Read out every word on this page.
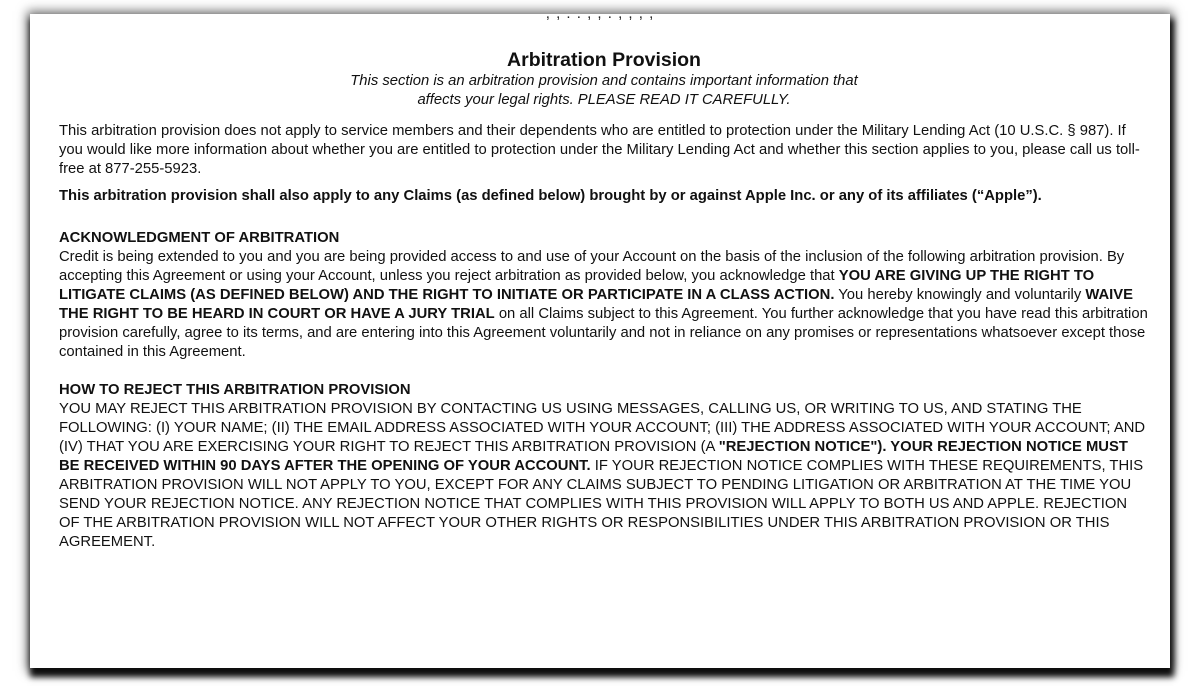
, , . . , , . , , , ,
Arbitration Provision
This section is an arbitration provision and contains important information that
affects your legal rights. PLEASE READ IT CAREFULLY.

This arbitration provision does not apply to service members and their dependents who are entitled to protection under the Military Lending Act (10 U.S.C. § 987). If you would like more information about whether you are entitled to protection under the Military Lending Act and whether this section applies to you, please call us toll-free at 877-255-5923.

This arbitration provision shall also apply to any Claims (as defined below) brought by or against Apple Inc. or any of its affiliates (“Apple”).

ACKNOWLEDGMENT OF ARBITRATION

Credit is being extended to you and you are being provided access to and use of your Account on the basis of the inclusion of the following arbitration provision. By accepting this Agreement or using your Account, unless you reject arbitration as provided below, you acknowledge that YOU ARE GIVING UP THE RIGHT TO LITIGATE CLAIMS (AS DEFINED BELOW) AND THE RIGHT TO INITIATE OR PARTICIPATE IN A CLASS ACTION. You hereby knowingly and voluntarily WAIVE THE RIGHT TO BE HEARD IN COURT OR HAVE A JURY TRIAL on all Claims subject to this Agreement. You further acknowledge that you have read this arbitration provision carefully, agree to its terms, and are entering into this Agreement voluntarily and not in reliance on any promises or representations whatsoever except those contained in this Agreement.

HOW TO REJECT THIS ARBITRATION PROVISION

YOU MAY REJECT THIS ARBITRATION PROVISION BY CONTACTING US USING MESSAGES, CALLING US, OR WRITING TO US, AND STATING THE FOLLOWING: (I) YOUR NAME; (II) THE EMAIL ADDRESS ASSOCIATED WITH YOUR ACCOUNT; (III) THE ADDRESS ASSOCIATED WITH YOUR ACCOUNT; AND (IV) THAT YOU ARE EXERCISING YOUR RIGHT TO REJECT THIS ARBITRATION PROVISION (A "REJECTION NOTICE"). YOUR REJECTION NOTICE MUST BE RECEIVED WITHIN 90 DAYS AFTER THE OPENING OF YOUR ACCOUNT. IF YOUR REJECTION NOTICE COMPLIES WITH THESE REQUIREMENTS, THIS ARBITRATION PROVISION WILL NOT APPLY TO YOU, EXCEPT FOR ANY CLAIMS SUBJECT TO PENDING LITIGATION OR ARBITRATION AT THE TIME YOU SEND YOUR REJECTION NOTICE. ANY REJECTION NOTICE THAT COMPLIES WITH THIS PROVISION WILL APPLY TO BOTH US AND APPLE. REJECTION OF THE ARBITRATION PROVISION WILL NOT AFFECT YOUR OTHER RIGHTS OR RESPONSIBILITIES UNDER THIS ARBITRATION PROVISION OR THIS AGREEMENT.
